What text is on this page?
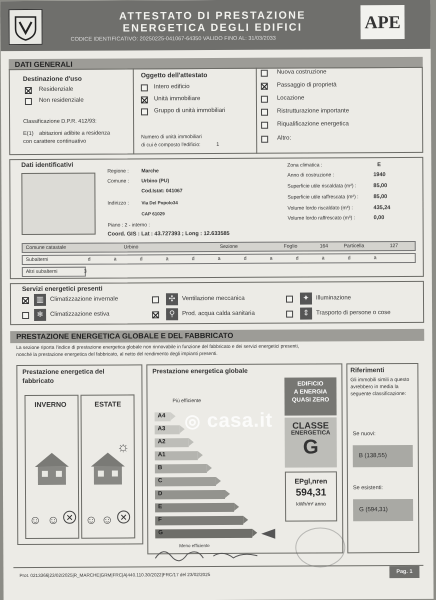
ATTESTATO DI PRESTAZIONE
ENERGETICA DEGLI EDIFICI
CODICE IDENTIFICATIVO: 20250225-041067-64350 VALIDO FINO AL: 31/03/2033
APE
DATI GENERALI
Destinazione d'uso
Residenziale
Non residenziale
Classificazione D.P.R. 412/93:
E(1) abitazioni adibite a residenza
con carattere continuativo
Oggetto dell'attestato
Intero edificio
Unità immobiliare
Gruppo di unità immobiliari
Numero di unità immobiliari
di cui è composto l'edificio:	1
Nuova costruzione
Passaggio di proprietà
Locazione
Ristrutturazione importante
Riqualificazione energetica
Altro:
Dati identificativi
Regione :	Marche
Comune : Urbino (PU)
Cod.Istat: 041067
Indirizzo :	Via Del Popolo34
CAP 61029
Piano : 2 - interno :
Coord. GIS : Lat : 43.727393 ; Long : 12.633585
Zona climatica :	E
Anno di costruzione :	1940
Superficie utile riscaldata (m²) :	85,00
Superficie utile raffrescata (m²) :	85,00
Volume lordo riscaldato (m³) :	435,24
Volume lordo raffrescato (m³) :	0,00
Comune catastale	Urbino	Sezione	Foglio	164	Particella	127
Subalterni	d	a	d	a	d	a	d	a	d	a	d	a
Altri subalterni	3
Servizi energetici presenti
▥	Climatizzazione invernale
❄	Climatizzazione estiva
✣	Ventilazione meccanica
⚲	Prod. acqua calda sanitaria
✦	Illuminazione
⇕	Trasporto di persone o cose
PRESTAZIONE ENERGETICA GLOBALE E DEL FABBRICATO
La sezione riporta l'indice di prestazione energetica globale non rinnovabile in funzione del fabbricato e dei servizi energetici presenti,
nonché la prestazione energetica del fabbricato, al netto del rendimento degli impianti presenti.
Prestazione energetica del
fabbricato
INVERNO	ESTATE
☼
☺ ☺ ✕ ☺ ☺ ✕
Prestazione energetica globale
Più efficiente
A4
A3
A2
A1
B
C
D
E
F
G
Meno efficiente
EDIFICIO
A ENERGIA
QUASI ZERO
CLASSE
ENERGETICA
G
EPgl,nren
594,31
kWh/m² anno
Riferimenti
Gli immobili simili a questo avrebbero in media la seguente classificazione:
Se nuovi:
B (138,55)
Se esistenti:
G (594,31)
◎ casa.it
Prot. 0213366|23/02/2025|R_MARCHE|GRM|FRC|A|440.110.30/2022|FRC/17 del 23/02/2025	Pag. 1
